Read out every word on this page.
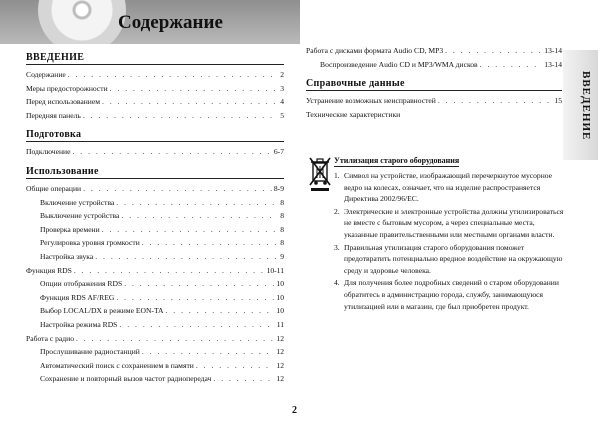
Содержание
ВВЕДЕНИЕ
Содержание . . .	2
Меры предосторожности . . .	3
Перед использованием . . .	4
Передняя панель . . .	5
Подготовка
Подключение . . .	6-7
Использование
Общие операции . . .	8-9
Включение устройства . . .	8
Выключение устройства . . .	8
Проверка времени . . .	8
Регулировка уровня громкости . . .	8
Настройка звука . . .	9
Функция RDS . . .	10-11
Опции отображения RDS . . .	10
Функция RDS AF/REG . . .	10
Выбор LOCAL/DX в режиме EON-TA . . .	10
Настройка режима RDS . . .	11
Работа с радио . . .	12
Прослушивание радиостанций . . .	12
Автоматический поиск с сохранением в памяти . . .	12
Сохранение и повторный вызов частот радиопередач . . .	12
Работа с дисками формата Audio CD, MP3 . . .	13-14
Воспроизведение Audio CD и MP3/WMA дисков . . .	13-14
Справочные данные
Устранение возможных неисправностей . . .	15
Технические характеристики	ВВЕДЕНИЕ
Утилизация старого оборудования
1. Символ на устройстве, изображающий перечеркнутое мусорное ведро на колесах, означает, что на изделие распространяется Директива 2002/96/EC.
2. Электрические и электронные устройства должны утилизироваться не вместе с бытовым мусором, а через специальные места, указанные правительственными или местными органами власти.
3. Правильная утилизация старого оборудования поможет предотвратить потенциально вредное воздействие на окружающую среду и здоровье человека.
4. Для получения более подробных сведений о старом оборудовании обратитесь в администрацию города, службу, занимающуюся утилизацией или в магазин, где был приобретен продукт.
2
